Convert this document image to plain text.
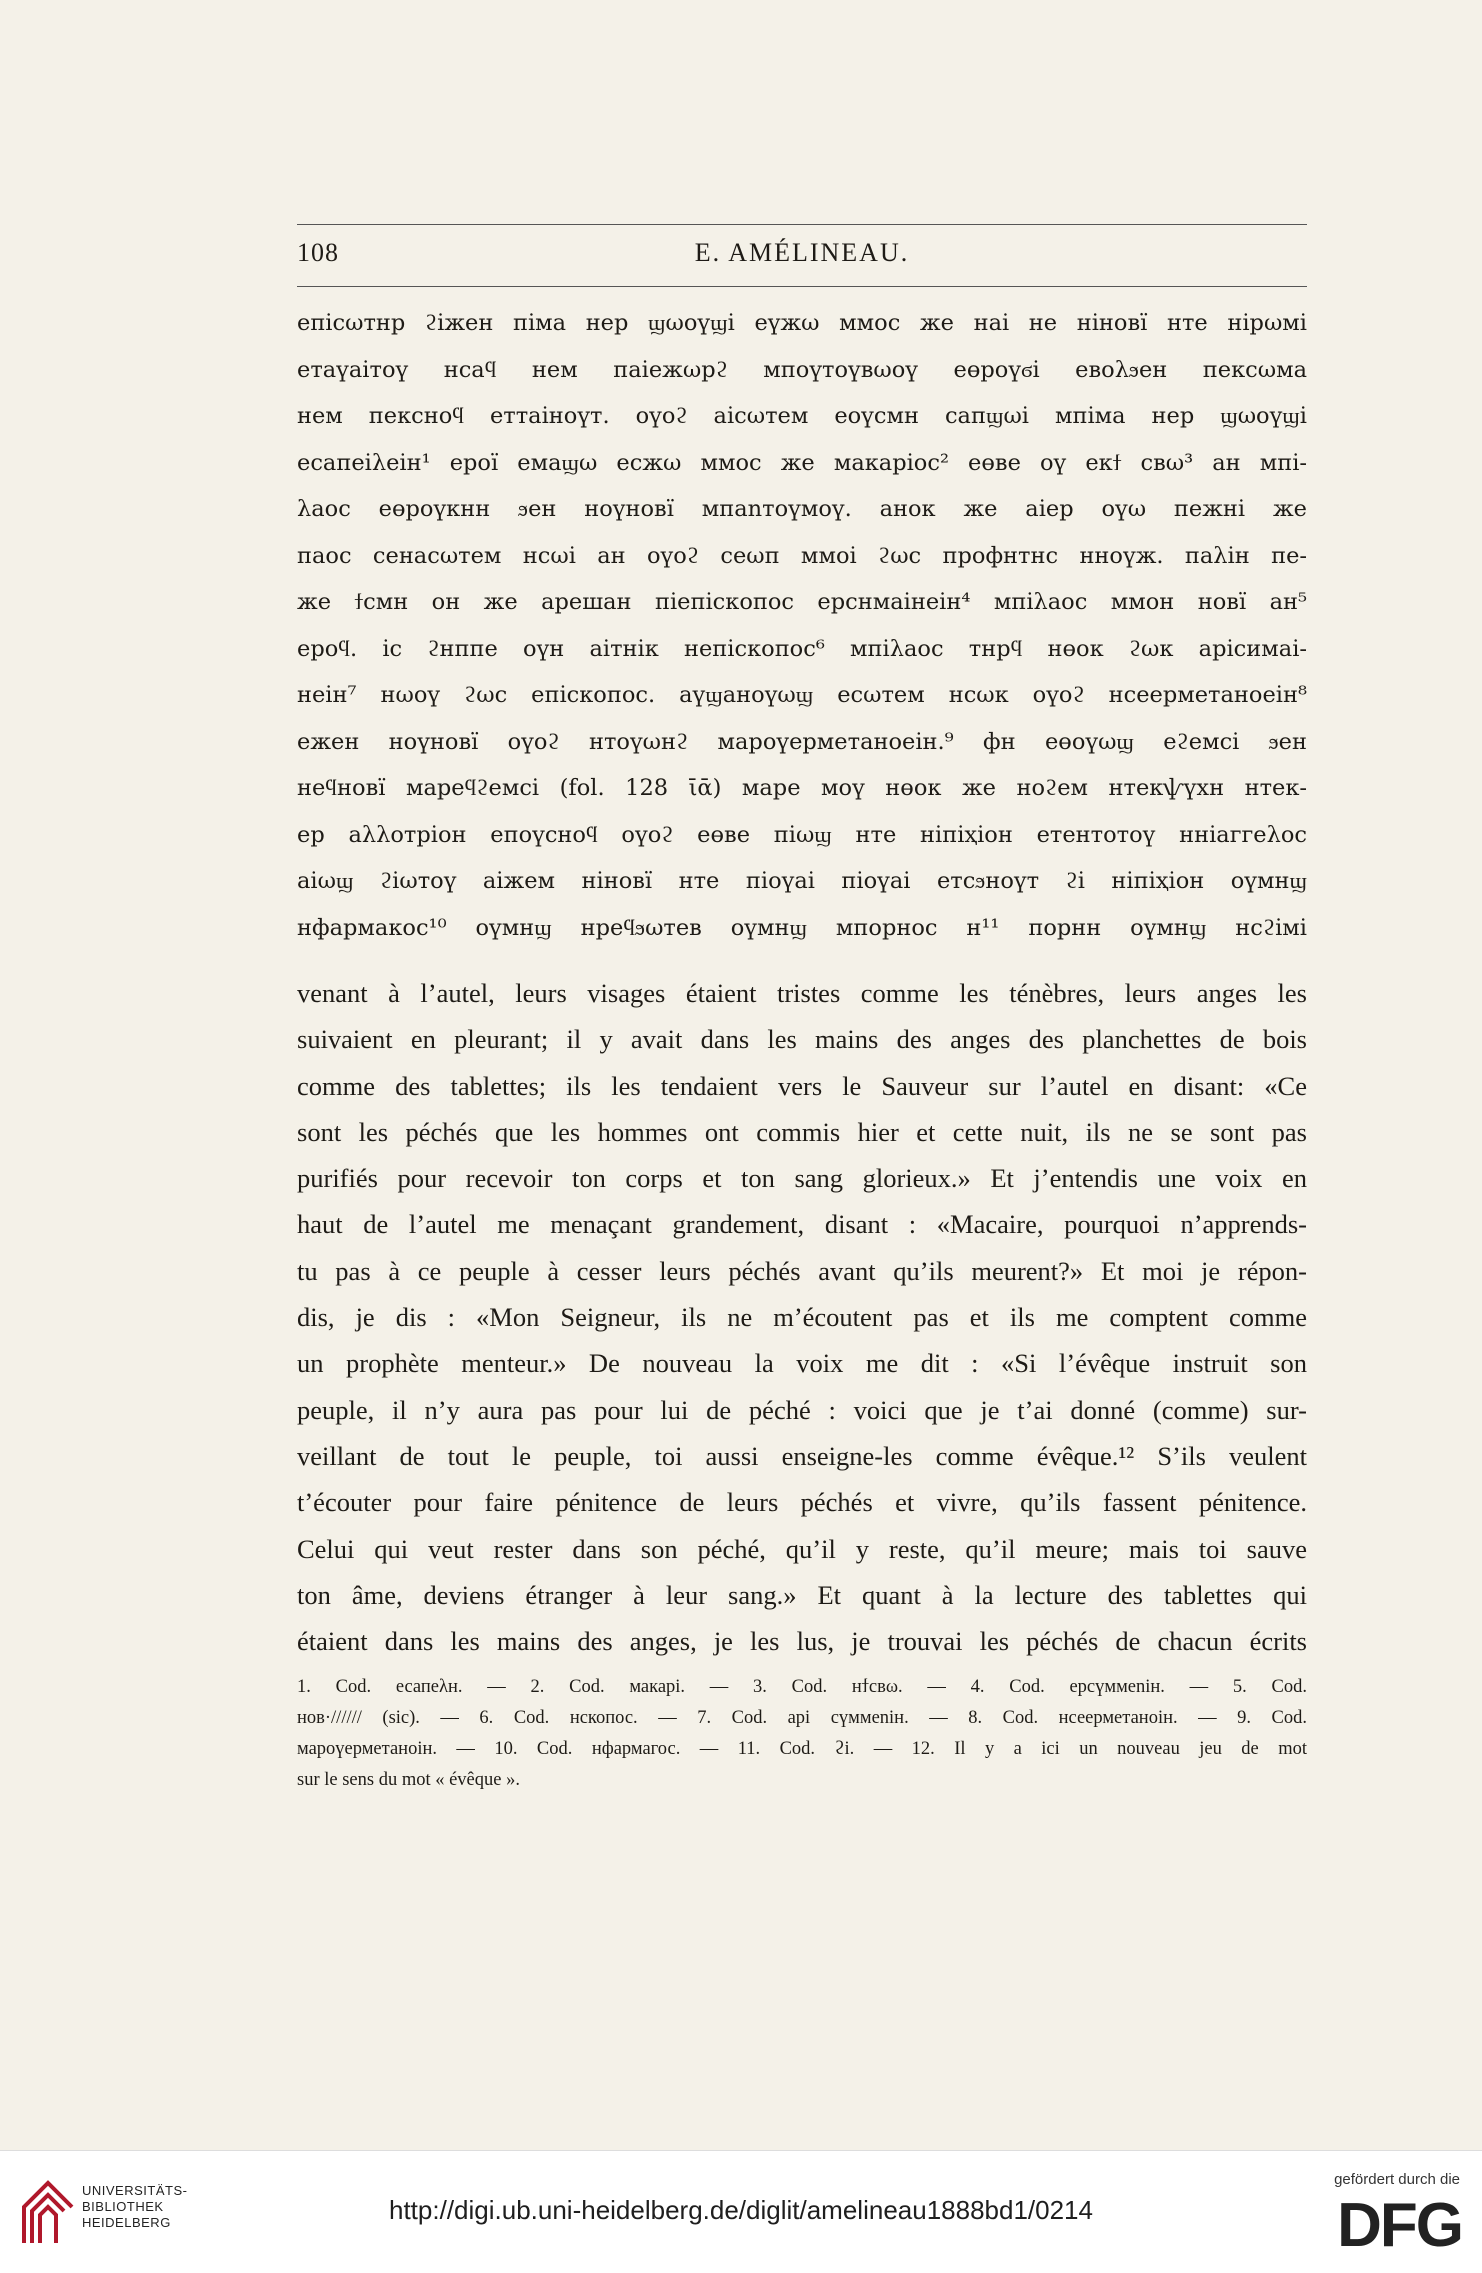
108	E. AMÉLINEAU.
епісωтнр ϩіжен піма нер ϣωоүϣі еүжω ммос же наі не ніновї нте нірωмі
етаүаітоү нсаϥ нем паіежωрϩ мпоүтоүвωоү еөроүϭі евоλϧен пексωма
нем пексноϥ еттаінοүт. оүоϩ аісωтем еоүсмн сапϣωі мпіма нер ϣωоүϣі
есапеіλеін¹ ерої емаϣω есжω ммос же макаріос² еөве оү екϯ свω³ ан мпі-
λаос еөроүкнн ϧен ноүновї мпаnтоүмоү. анок же аіер оүω пежні же
паос сенасωтем нсωі ан оүоϩ сеωп ммоі ϩωс профнтнс нноүж. паλін пе-
же ϯсмн он же арешан піепіскопос ерснмаінеін⁴ мпіλаос ммон новї ан⁵
ероϥ. іс ϩнппе оүн аітнік непіскопос⁶ мпіλаос тнрϥ нөок ϩωк арісимаі-
неін⁷ нωоү ϩωс епіскопос. аүϣаноүωϣ есωтем нсωк оүоϩ нсеерметаноеін⁸
ежен ноүновї оүоϩ нтоүωнϩ мароүерметаноеін.⁹ фн еөоүωϣ еϩемсі ϧен
неϥновї мареϥϩемсі (fol. 128 ῑᾱ) маре моү нөок же ноϩем нтекѱүхн нтек-
ер аλλотріон епоүсноϥ оүоϩ еөве піωϣ нте ніпіҳіон етентотоү нніаггеλос
аіωϣ ϩіωтоү аіжем ніновї нте піоүаі піоүаі етсϧноүт ϩі ніпіҳіон оүмнϣ
нфармакос¹⁰ оүмнϣ нреϥϧωтев оүмнϣ мпорнос н¹¹ порнн оүмнϣ нсϩімі
venant à l’autel, leurs visages étaient tristes comme les ténèbres, leurs anges les
suivaient en pleurant; il y avait dans les mains des anges des planchettes de bois
comme des tablettes; ils les tendaient vers le Sauveur sur l’autel en disant: «Ce
sont les péchés que les hommes ont commis hier et cette nuit, ils ne se sont pas
purifiés pour recevoir ton corps et ton sang glorieux.» Et j’entendis une voix en
haut de l’autel me menaçant grandement, disant : «Macaire, pourquoi n’apprends-
tu pas à ce peuple à cesser leurs péchés avant qu’ils meurent?» Et moi je répon-
dis, je dis : «Mon Seigneur, ils ne m’écoutent pas et ils me comptent comme
un prophète menteur.» De nouveau la voix me dit : «Si l’évêque instruit son
peuple, il n’y aura pas pour lui de péché : voici que je t’ai donné (comme) sur-
veillant de tout le peuple, toi aussi enseigne-les comme évêque.¹² S’ils veulent
t’écouter pour faire pénitence de leurs péchés et vivre, qu’ils fassent pénitence.
Celui qui veut rester dans son péché, qu’il y reste, qu’il meure; mais toi sauve
ton âme, deviens étranger à leur sang.» Et quant à la lecture des tablettes qui
étaient dans les mains des anges, je les lus, je trouvai les péchés de chacun écrits
1. Cod. есапеλн. — 2. Cod. макарі. — 3. Cod. нϯсвω. — 4. Cod. ерсүммеnін. — 5. Cod.
нов·////// (sic). — 6. Cod. нскопос. — 7. Cod. арі сүммеnін. — 8. Cod. нсеерметаноін. — 9. Cod.
мароүерметаноін. — 10. Cod. нфармагос. — 11. Cod. ϩі. — 12. Il y a ici un nouveau jeu de mot
sur le sens du mot « évêque ».
UNIVERSITÄTS-
BIBLIOTHEK
HEIDELBERG	http://digi.ub.uni-heidelberg.de/diglit/amelineau1888bd1/0214
gefördert durch die
DFG
